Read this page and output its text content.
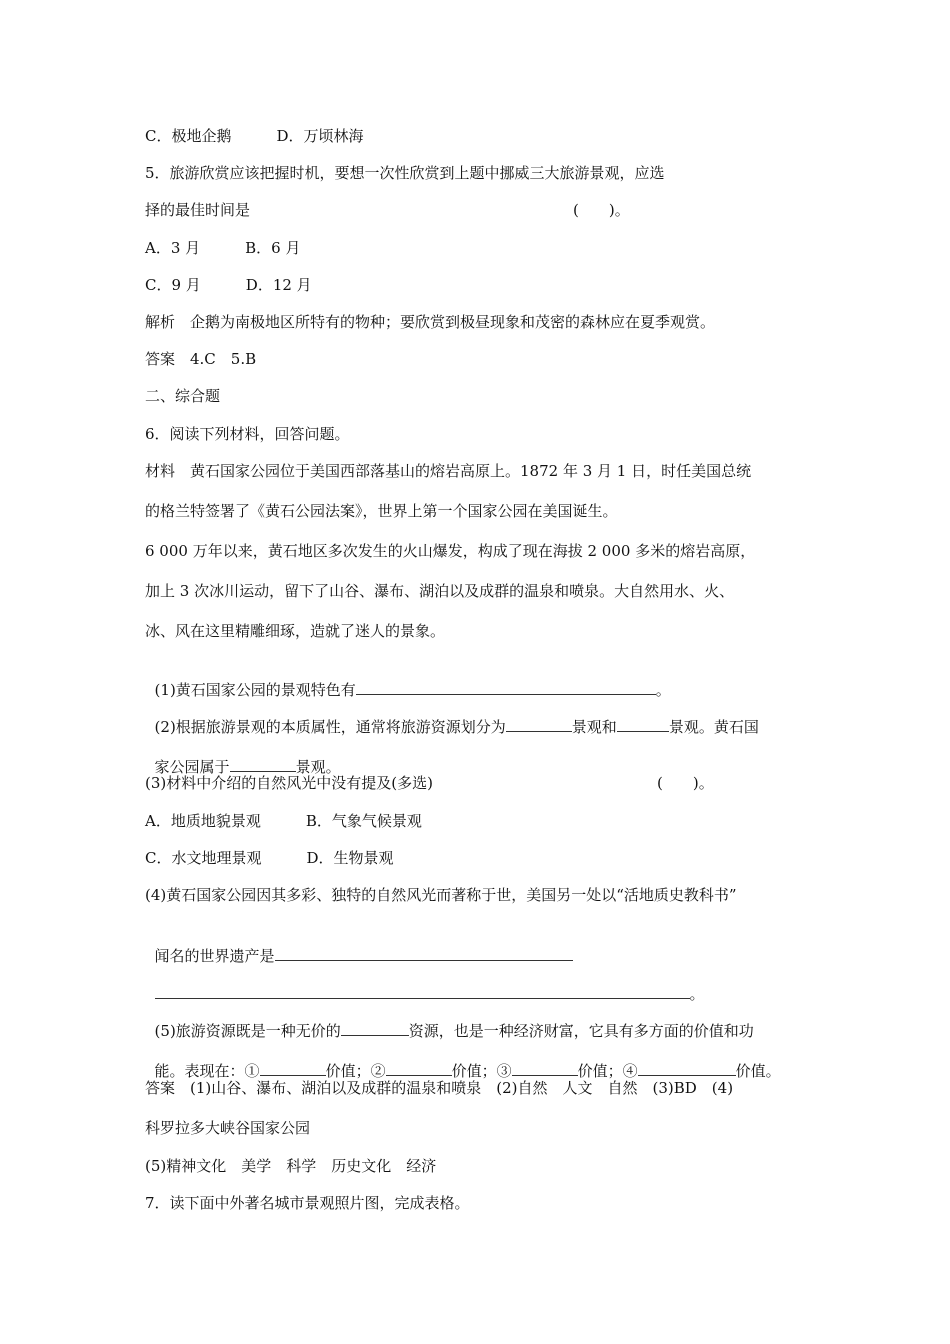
C．极地企鹅　　　D．万顷林海
5．旅游欣赏应该把握时机，要想一次性欣赏到上题中挪威三大旅游景观，应选
择的最佳时间是	(　　)。
A．3 月　　　B．6 月
C．9 月　　　D．12 月
解析　企鹅为南极地区所特有的物种；要欣赏到极昼现象和茂密的森林应在夏季观赏。
答案　4.C　5.B
二、综合题
6．阅读下列材料，回答问题。
材料　黄石国家公园位于美国西部落基山的熔岩高原上。1872 年 3 月 1 日，时任美国总统
的格兰特签署了《黄石公园法案》，世界上第一个国家公园在美国诞生。
6 000 万年以来，黄石地区多次发生的火山爆发，构成了现在海拔 2 000 多米的熔岩高原，
加上 3 次冰川运动，留下了山谷、瀑布、湖泊以及成群的温泉和喷泉。大自然用水、火、
冰、风在这里精雕细琢，造就了迷人的景象。

(1)黄石国家公园的景观特色有	。

(2)根据旅游景观的本质属性，通常将旅游资源划分为	景观和	景观。黄石国

家公园属于	景观。

(3)材料中介绍的自然风光中没有提及(多选)	(　　)。
A．地质地貌景观　　　B．气象气候景观
C．水文地理景观　　　D．生物景观
(4)黄石国家公园因其多彩、独特的自然风光而著称于世，美国另一处以“活地质史教科书”

闻名的世界遗产是

。

(5)旅游资源既是一种无价的	资源，也是一种经济财富，它具有多方面的价值和功

能。表现在：①	价值；②	价值；③	价值；④	价值。

答案　(1)山谷、瀑布、湖泊以及成群的温泉和喷泉　(2)自然　人文　自然　(3)BD　(4)
科罗拉多大峡谷国家公园
(5)精神文化　美学　科学　历史文化　经济
7．读下面中外著名城市景观照片图，完成表格。
